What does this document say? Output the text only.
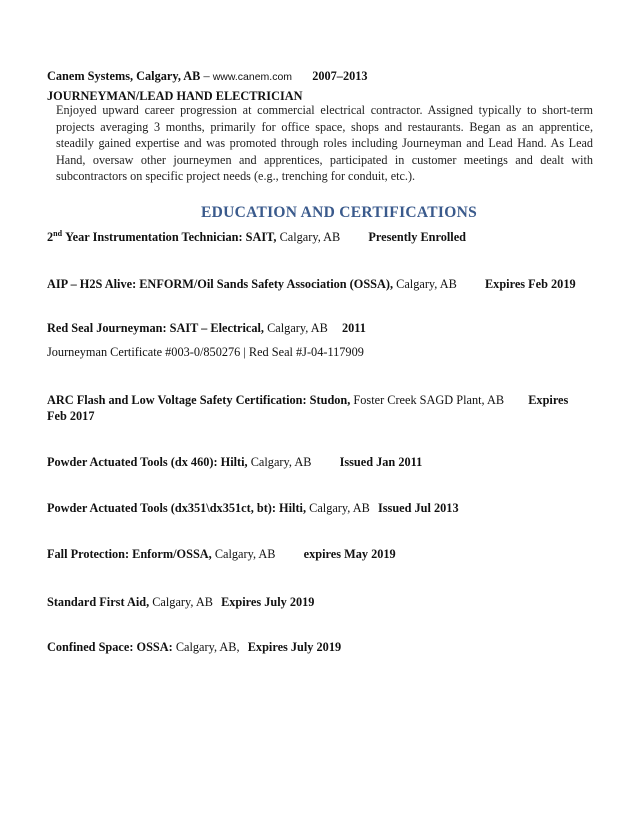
Canem Systems, Calgary, AB – www.canem.com 2007–2013
JOURNEYMAN/LEAD HAND ELECTRICIAN
Enjoyed upward career progression at commercial electrical contractor. Assigned typically to short-term projects averaging 3 months, primarily for office space, shops and restaurants. Began as an apprentice, steadily gained expertise and was promoted through roles including Journeyman and Lead Hand. As Lead Hand, oversaw other journeymen and apprentices, participated in customer meetings and dealt with subcontractors on specific project needs (e.g., trenching for conduit, etc.).
EDUCATION AND CERTIFICATIONS
2nd Year Instrumentation Technician: SAIT, Calgary, AB Presently Enrolled
AIP – H2S Alive: ENFORM/Oil Sands Safety Association (OSSA), Calgary, AB Expires Feb 2019
Red Seal Journeyman: SAIT – Electrical, Calgary, AB 2011
Journeyman Certificate #003-0/850276 | Red Seal #J-04-117909
ARC Flash and Low Voltage Safety Certification: Studon, Foster Creek SAGD Plant, AB Expires
Feb 2017
Powder Actuated Tools (dx 460): Hilti, Calgary, AB Issued Jan 2011
Powder Actuated Tools (dx351\dx351ct, bt): Hilti, Calgary, AB Issued Jul 2013
Fall Protection: Enform/OSSA, Calgary, AB expires May 2019
Standard First Aid, Calgary, AB Expires July 2019
Confined Space: OSSA: Calgary, AB, Expires July 2019
